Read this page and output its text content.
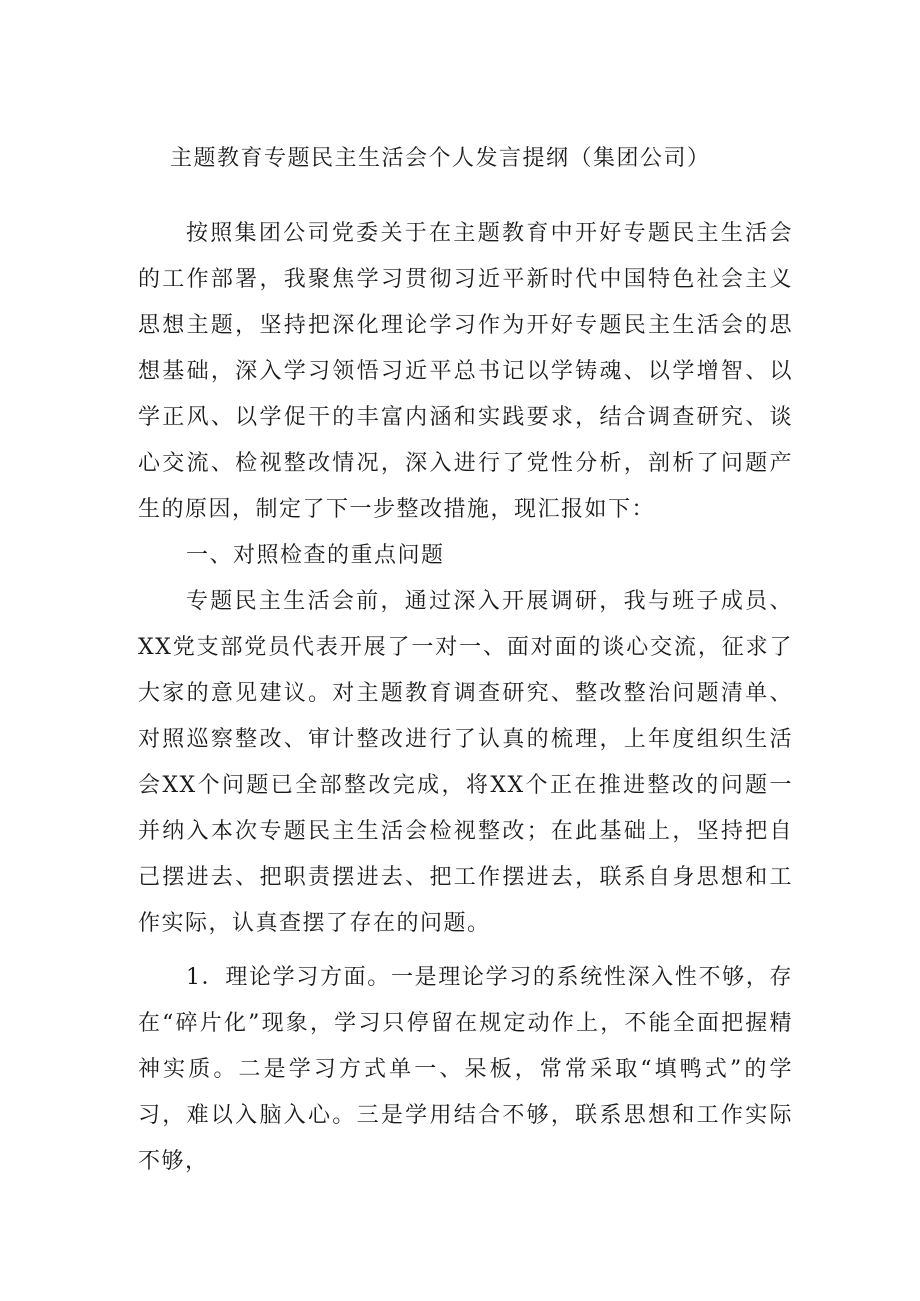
主题教育专题民主生活会个人发言提纲（集团公司）

按照集团公司党委关于在主题教育中开好专题民主生活会的工作部署，我聚焦学习贯彻习近平新时代中国特色社会主义思想主题，坚持把深化理论学习作为开好专题民主生活会的思想基础，深入学习领悟习近平总书记以学铸魂、以学增智、以学正风、以学促干的丰富内涵和实践要求，结合调查研究、谈心交流、检视整改情况，深入进行了党性分析，剖析了问题产生的原因，制定了下一步整改措施，现汇报如下：

一、对照检查的重点问题

专题民主生活会前，通过深入开展调研，我与班子成员、XX党支部党员代表开展了一对一、面对面的谈心交流，征求了大家的意见建议。对主题教育调查研究、整改整治问题清单、对照巡察整改、审计整改进行了认真的梳理，上年度组织生活会XX个问题已全部整改完成，将XX个正在推进整改的问题一并纳入本次专题民主生活会检视整改；在此基础上，坚持把自己摆进去、把职责摆进去、把工作摆进去，联系自身思想和工作实际，认真查摆了存在的问题。

1．理论学习方面。一是理论学习的系统性深入性不够，存在“碎片化”现象，学习只停留在规定动作上，不能全面把握精神实质。二是学习方式单一、呆板，常常采取“填鸭式”的学习，难以入脑入心。三是学用结合不够，联系思想和工作实际不够，
